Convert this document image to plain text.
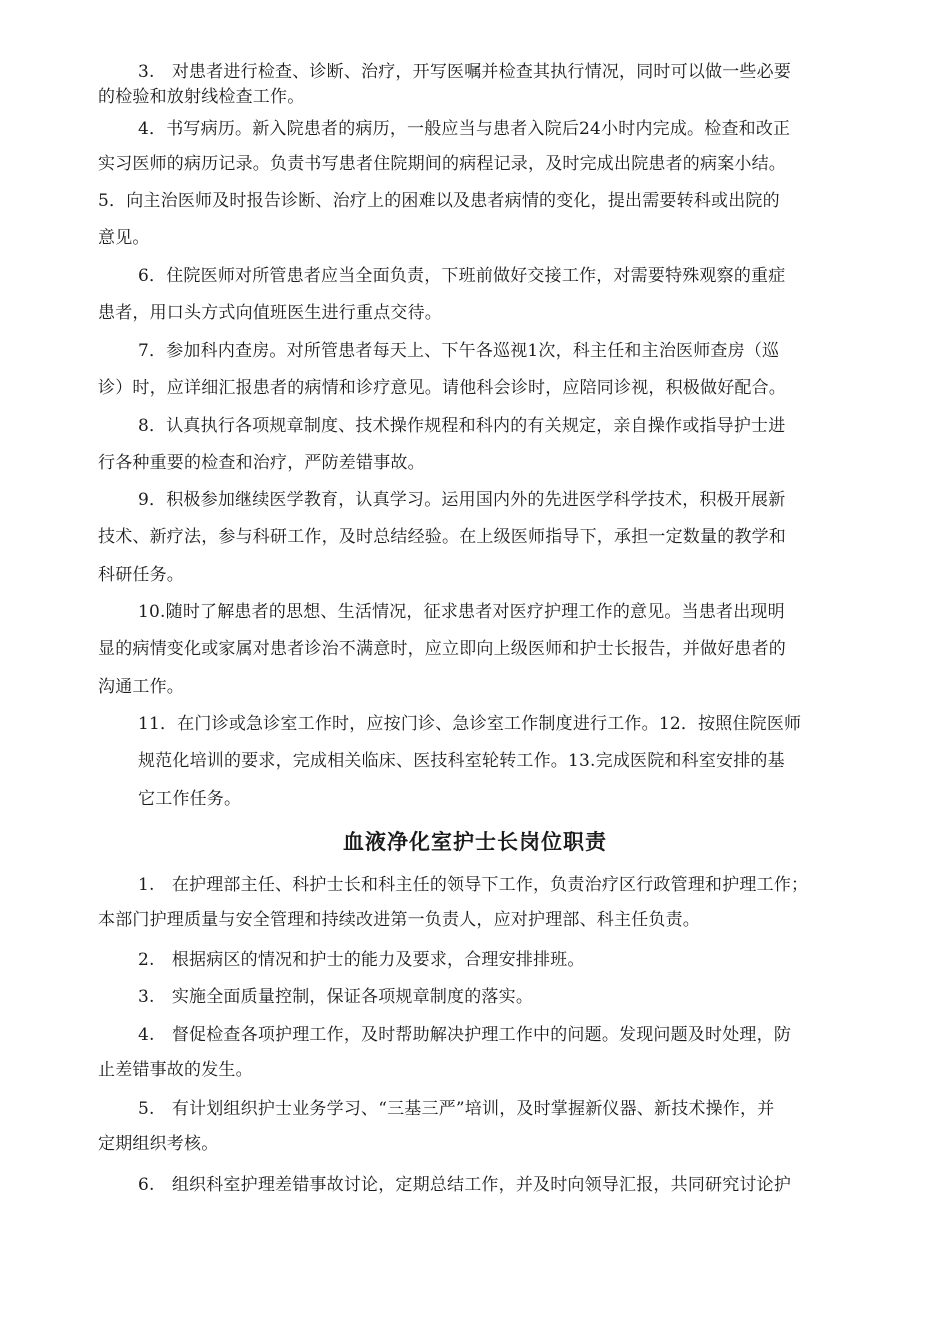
3.　对患者进行检查、诊断、治疗，开写医嘱并检查其执行情况，同时可以做一些必要

的检验和放射线检查工作。

4．书写病历。新入院患者的病历，一般应当与患者入院后24小时内完成。检查和改正

实习医师的病历记录。负责书写患者住院期间的病程记录，及时完成出院患者的病案小结。

5．向主治医师及时报告诊断、治疗上的困难以及患者病情的变化，提出需要转科或出院的

意见。

6．住院医师对所管患者应当全面负责，下班前做好交接工作，对需要特殊观察的重症

患者，用口头方式向值班医生进行重点交待。

7．参加科内查房。对所管患者每天上、下午各巡视1次，科主任和主治医师查房（巡

诊）时，应详细汇报患者的病情和诊疗意见。请他科会诊时，应陪同诊视，积极做好配合。

8．认真执行各项规章制度、技术操作规程和科内的有关规定，亲自操作或指导护士进

行各种重要的检查和治疗，严防差错事故。

9．积极参加继续医学教育，认真学习。运用国内外的先进医学科学技术，积极开展新

技术、新疗法，参与科研工作，及时总结经验。在上级医师指导下，承担一定数量的教学和

科研任务。

10.随时了解患者的思想、生活情况，征求患者对医疗护理工作的意见。当患者出现明

显的病情变化或家属对患者诊治不满意时，应立即向上级医师和护士长报告，并做好患者的

沟通工作。

11．在门诊或急诊室工作时，应按门诊、急诊室工作制度进行工作。12．按照住院医师

规范化培训的要求，完成相关临床、医技科室轮转工作。13.完成医院和科室安排的基

它工作任务。

血液净化室护士长岗位职责

1.　在护理部主任、科护士长和科主任的领导下工作，负责治疗区行政管理和护理工作；

本部门护理质量与安全管理和持续改进第一负责人，应对护理部、科主任负责。

2.　根据病区的情况和护士的能力及要求，合理安排排班。

3.　实施全面质量控制，保证各项规章制度的落实。

4.　督促检查各项护理工作，及时帮助解决护理工作中的问题。发现问题及时处理，防

止差错事故的发生。

5.　有计划组织护士业务学习、“三基三严”培训，及时掌握新仪器、新技术操作，并

定期组织考核。

6.　组织科室护理差错事故讨论，定期总结工作，并及时向领导汇报，共同研究讨论护
